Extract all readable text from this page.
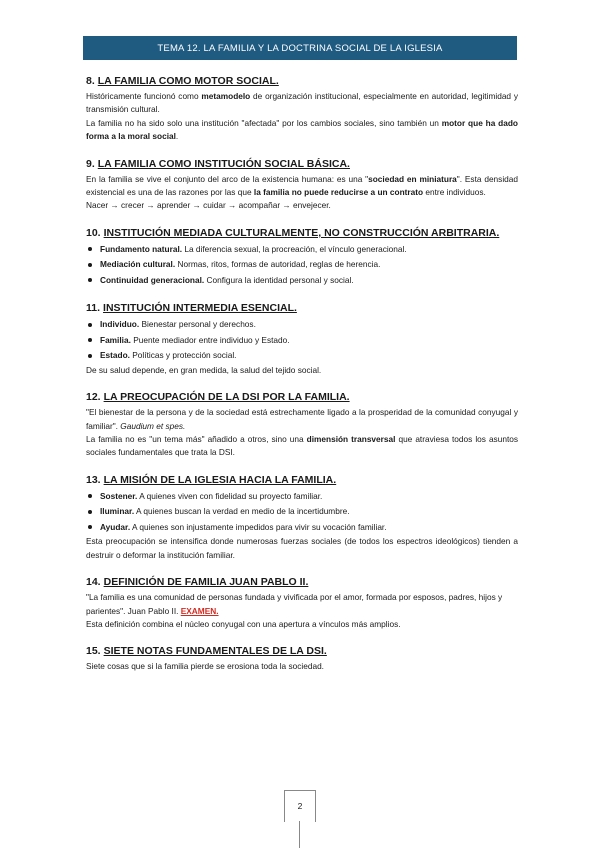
TEMA 12. LA FAMILIA Y LA DOCTRINA SOCIAL DE LA IGLESIA
8. LA FAMILIA COMO MOTOR SOCIAL.

Históricamente funcionó como metamodelo de organización institucional, especialmente en autoridad, legitimidad y transmisión cultural.

La familia no ha sido solo una institución "afectada" por los cambios sociales, sino también un motor que ha dado forma a la moral social.

9. LA FAMILIA COMO INSTITUCIÓN SOCIAL BÁSICA.

En la familia se vive el conjunto del arco de la existencia humana: es una "sociedad en miniatura". Esta densidad existencial es una de las razones por las que la familia no puede reducirse a un contrato entre individuos.

Nacer → crecer → aprender → cuidar → acompañar → envejecer.

10. INSTITUCIÓN MEDIADA CULTURALMENTE, NO CONSTRUCCIÓN ARBITRARIA.
Fundamento natural. La diferencia sexual, la procreación, el vínculo generacional.
Mediación cultural. Normas, ritos, formas de autoridad, reglas de herencia.
Continuidad generacional. Configura la identidad personal y social.
11. INSTITUCIÓN INTERMEDIA ESENCIAL.
Individuo. Bienestar personal y derechos.
Familia. Puente mediador entre individuo y Estado.
Estado. Políticas y protección social.

De su salud depende, en gran medida, la salud del tejido social.

12. LA PREOCUPACIÓN DE LA DSI POR LA FAMILIA.

"El bienestar de la persona y de la sociedad está estrechamente ligado a la prosperidad de la comunidad conyugal y familiar". Gaudium et spes.

La familia no es "un tema más" añadido a otros, sino una dimensión transversal que atraviesa todos los asuntos sociales fundamentales que trata la DSI.

13. LA MISIÓN DE LA IGLESIA HACIA LA FAMILIA.
Sostener. A quienes viven con fidelidad su proyecto familiar.
Iluminar. A quienes buscan la verdad en medio de la incertidumbre.
Ayudar. A quienes son injustamente impedidos para vivir su vocación familiar.

Esta preocupación se intensifica donde numerosas fuerzas sociales (de todos los espectros ideológicos) tienden a destruir o deformar la institución familiar.

14. DEFINICIÓN DE FAMILIA JUAN PABLO II.

"La familia es una comunidad de personas fundada y vivificada por el amor, formada por esposos, padres, hijos y parientes". Juan Pablo II. EXAMEN.

Esta definición combina el núcleo conyugal con una apertura a vínculos más amplios.

15. SIETE NOTAS FUNDAMENTALES DE LA DSI.

Siete cosas que si la familia pierde se erosiona toda la sociedad.

2
